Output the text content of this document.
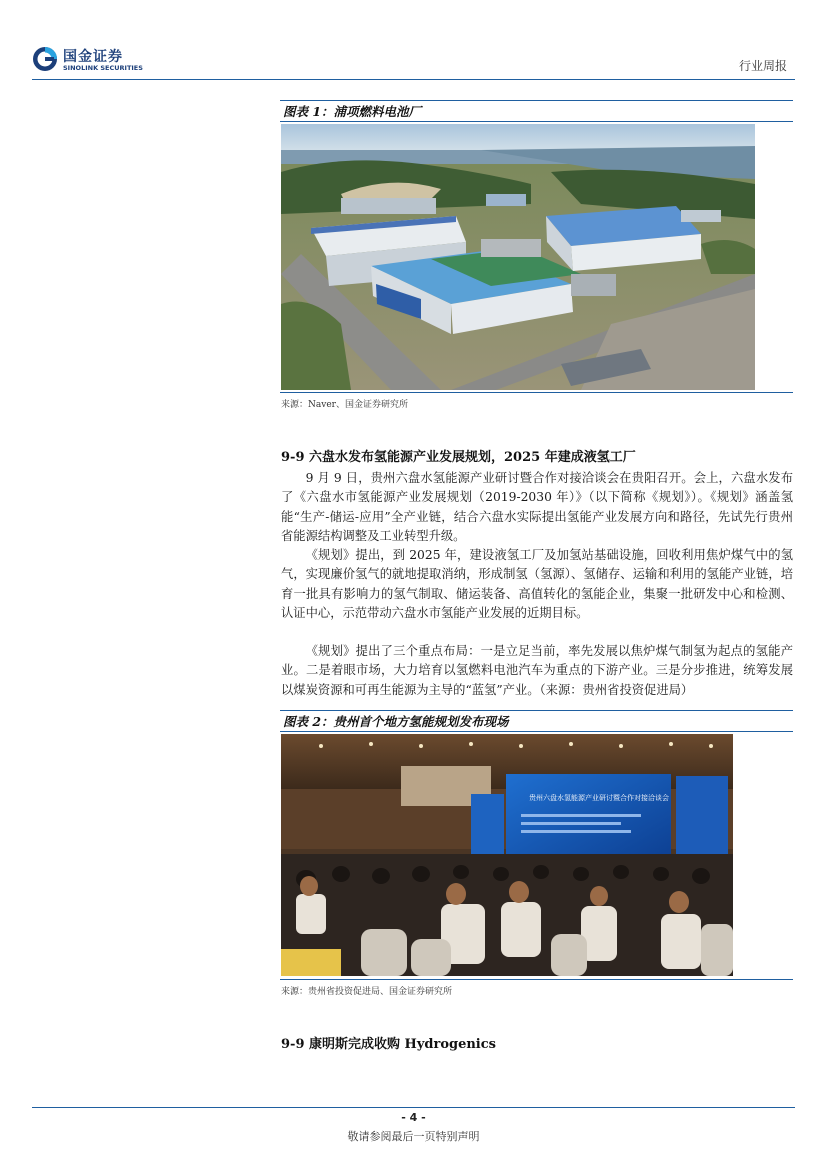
国金证券
SINOLINK SECURITIES	行业周报
图表 1：浦项燃料电池厂
来源：Naver、国金证券研究所
9-9 六盘水发布氢能源产业发展规划，2025 年建成液氢工厂
9 月 9 日，贵州六盘水氢能源产业研讨暨合作对接洽谈会在贵阳召开。会上，六盘水发布了《六盘水市氢能源产业发展规划（2019-2030 年）》（以下简称《规划》）。《规划》涵盖氢能“生产-储运-应用”全产业链，结合六盘水实际提出氢能产业发展方向和路径，先试先行贵州省能源结构调整及工业转型升级。
《规划》提出，到 2025 年，建设液氢工厂及加氢站基础设施，回收利用焦炉煤气中的氢气，实现廉价氢气的就地提取消纳，形成制氢（氢源）、氢储存、运输和利用的氢能产业链，培育一批具有影响力的氢气制取、储运装备、高值转化的氢能企业，集聚一批研发中心和检测、认证中心，示范带动六盘水市氢能产业发展的近期目标。
《规划》提出了三个重点布局：一是立足当前，率先发展以焦炉煤气制氢为起点的氢能产业。二是着眼市场，大力培育以氢燃料电池汽车为重点的下游产业。三是分步推进，统筹发展以煤炭资源和可再生能源为主导的“蓝氢”产业。（来源：贵州省投资促进局）
图表 2：贵州首个地方氢能规划发布现场
贵州六盘水氢能源产业研讨暨合作对接洽谈会
来源：贵州省投资促进局、国金证券研究所
9-9 康明斯完成收购 Hydrogenics
- 4 -
敬请参阅最后一页特别声明
